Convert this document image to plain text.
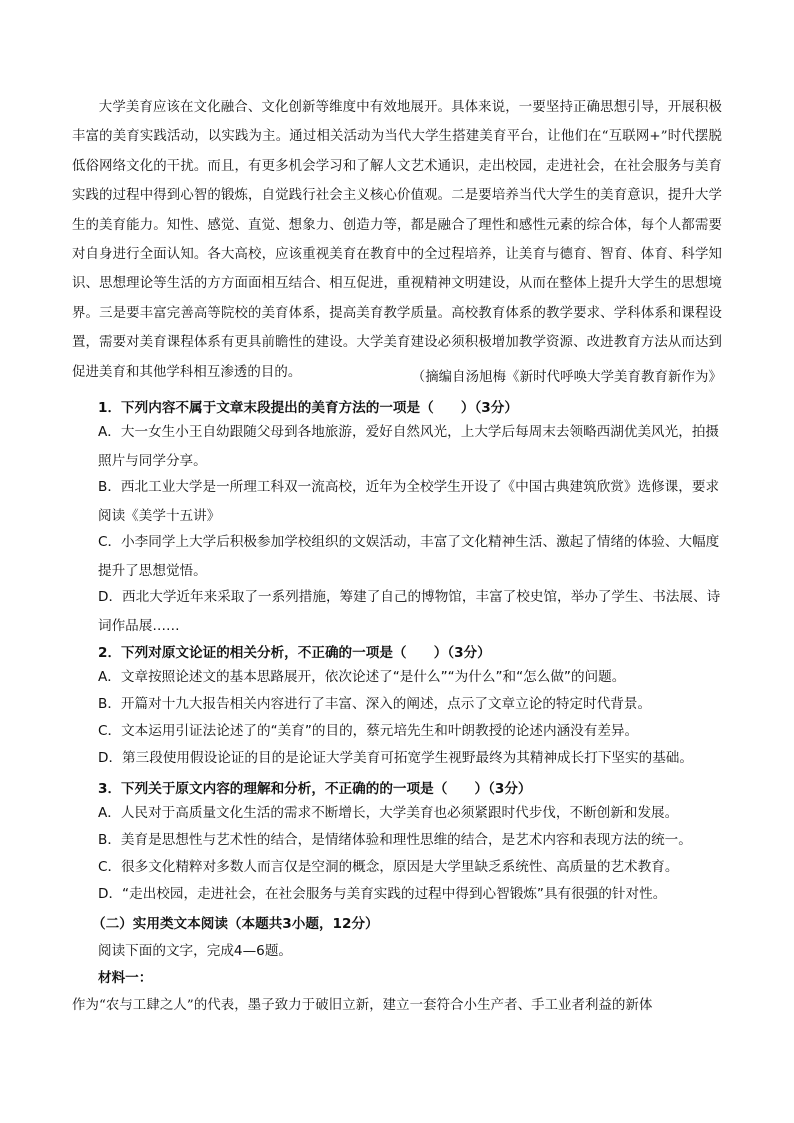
大学美育应该在文化融合、文化创新等维度中有效地展开。具体来说，一要坚持正确思想引导，开展积极丰富的美育实践活动，以实践为主。通过相关活动为当代大学生搭建美育平台，让他们在“互联网+”时代摆脱低俗网络文化的干扰。而且，有更多机会学习和了解人文艺术通识，走出校园，走进社会，在社会服务与美育实践的过程中得到心智的锻炼，自觉践行社会主义核心价值观。二是要培养当代大学生的美育意识，提升大学生的美育能力。知性、感觉、直觉、想象力、创造力等，都是融合了理性和感性元素的综合体，每个人都需要对自身进行全面认知。各大高校，应该重视美育在教育中的全过程培养，让美育与德育、智育、体育、科学知识、思想理论等生活的方方面面相互结合、相互促进，重视精神文明建设，从而在整体上提升大学生的思想境界。三是要丰富完善高等院校的美育体系，提高美育教学质量。高校教育体系的教学要求、学科体系和课程设置，需要对美育课程体系有更具前瞻性的建设。大学美育建设必须积极增加教学资源、改进教育方法从而达到促进美育和其他学科相互渗透的目的。	（摘编自汤旭梅《新时代呼唤大学美育教育新作为》
1．下列内容不属于文章末段提出的美育方法的一项是（　　）（3分）
A．大一女生小王自幼跟随父母到各地旅游，爱好自然风光，上大学后每周末去领略西湖优美风光，拍摄照片与同学分享。
B．西北工业大学是一所理工科双一流高校，近年为全校学生开设了《中国古典建筑欣赏》选修课，要求阅读《美学十五讲》
C．小李同学上大学后积极参加学校组织的文娱活动，丰富了文化精神生活、激起了情绪的体验、大幅度提升了思想觉悟。
D．西北大学近年来采取了一系列措施，筹建了自己的博物馆，丰富了校史馆，举办了学生、书法展、诗词作品展……
2．下列对原文论证的相关分析，不正确的一项是（　　）（3分）
A．文章按照论述文的基本思路展开，依次论述了“是什么”“为什么”和“怎么做”的问题。
B．开篇对十九大报告相关内容进行了丰富、深入的阐述，点示了文章立论的特定时代背景。
C．文本运用引证法论述了的“美育”的目的，蔡元培先生和叶朗教授的论述内涵没有差异。
D．第三段使用假设论证的目的是论证大学美育可拓宽学生视野最终为其精神成长打下坚实的基础。
3．下列关于原文内容的理解和分析，不正确的的一项是（　　）（3分）
A．人民对于高质量文化生活的需求不断增长，大学美育也必须紧跟时代步伐，不断创新和发展。
B．美育是思想性与艺术性的结合，是情绪体验和理性思维的结合，是艺术内容和表现方法的统一。
C．很多文化精粹对多数人而言仅是空洞的概念，原因是大学里缺乏系统性、高质量的艺术教育。
D．“走出校园，走进社会，在社会服务与美育实践的过程中得到心智锻炼”具有很强的针对性。
（二）实用类文本阅读（本题共3小题，12分）
阅读下面的文字，完成4—6题。
材料一：
作为“农与工肆之人”的代表，墨子致力于破旧立新，建立一套符合小生产者、手工业者利益的新体
